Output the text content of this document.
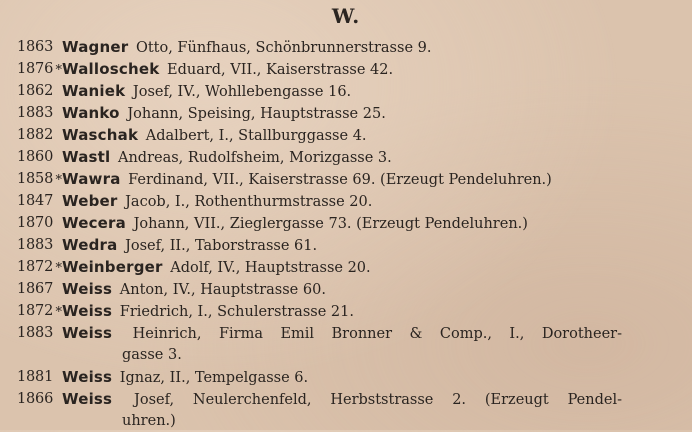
W.
1863 Wagner Otto, Fünfhaus, Schönbrunnerstrasse 9.
1876 *Walloschek Eduard, VII., Kaiserstrasse 42.
1862 Waniek Josef, IV., Wohllebengasse 16.
1883 Wanko Johann, Speising, Hauptstrasse 25.
1882 Waschak Adalbert, I., Stallburggasse 4.
1860 Wastl Andreas, Rudolfsheim, Morizgasse 3.
1858 *Wawra Ferdinand, VII., Kaiserstrasse 69. (Erzeugt Pendeluhren.)
1847 Weber Jacob, I., Rothenthurmstrasse 20.
1870 Wecera Johann, VII., Zieglergasse 73. (Erzeugt Pendeluhren.)
1883 Wedra Josef, II., Taborstrasse 61.
1872 *Weinberger Adolf, IV., Hauptstrasse 20.
1867 Weiss Anton, IV., Hauptstrasse 60.
1872 *Weiss Friedrich, I., Schulerstrasse 21.
1883 Weiss Heinrich, Firma Emil Bronner & Comp., I., Dorotheer-
gasse 3.
1881 Weiss Ignaz, II., Tempelgasse 6.
1866 Weiss Josef, Neulerchenfeld, Herbststrasse 2. (Erzeugt Pendel-
uhren.)
